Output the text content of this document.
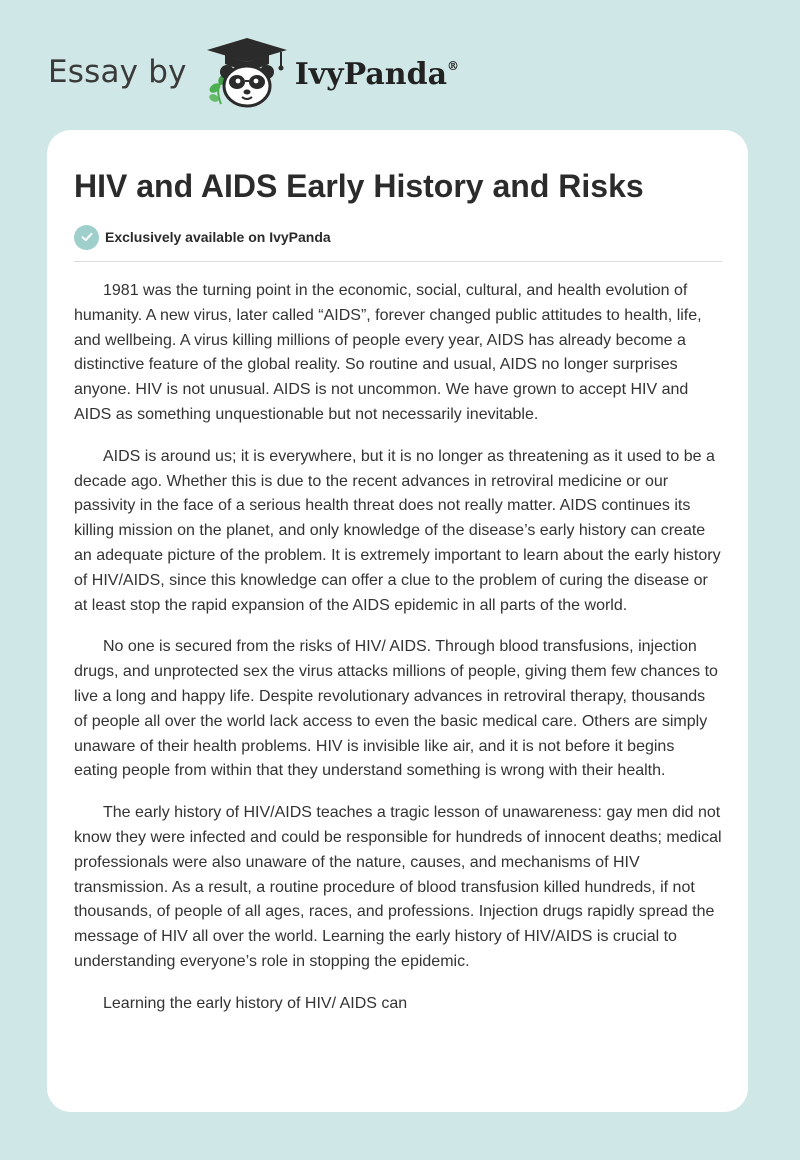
Essay by	IvyPanda®
HIV and AIDS Early History and Risks
Exclusively available on IvyPanda

1981 was the turning point in the economic, social, cultural, and health evolution of humanity. A new virus, later called “AIDS”, forever changed public attitudes to health, life, and wellbeing. A virus killing millions of people every year, AIDS has already become a distinctive feature of the global reality. So routine and usual, AIDS no longer surprises anyone. HIV is not unusual. AIDS is not uncommon. We have grown to accept HIV and AIDS as something unquestionable but not necessarily inevitable.

AIDS is around us; it is everywhere, but it is no longer as threatening as it used to be a decade ago. Whether this is due to the recent advances in retroviral medicine or our passivity in the face of a serious health threat does not really matter. AIDS continues its killing mission on the planet, and only knowledge of the disease’s early history can create an adequate picture of the problem. It is extremely important to learn about the early history of HIV/AIDS, since this knowledge can offer a clue to the problem of curing the disease or at least stop the rapid expansion of the AIDS epidemic in all parts of the world.

No one is secured from the risks of HIV/ AIDS. Through blood transfusions, injection drugs, and unprotected sex the virus attacks millions of people, giving them few chances to live a long and happy life. Despite revolutionary advances in retroviral therapy, thousands of people all over the world lack access to even the basic medical care. Others are simply unaware of their health problems. HIV is invisible like air, and it is not before it begins eating people from within that they understand something is wrong with their health.

The early history of HIV/AIDS teaches a tragic lesson of unawareness: gay men did not know they were infected and could be responsible for hundreds of innocent deaths; medical professionals were also unaware of the nature, causes, and mechanisms of HIV transmission. As a result, a routine procedure of blood transfusion killed hundreds, if not thousands, of people of all ages, races, and professions. Injection drugs rapidly spread the message of HIV all over the world. Learning the early history of HIV/AIDS is crucial to understanding everyone’s role in stopping the epidemic.

Learning the early history of HIV/ AIDS can
